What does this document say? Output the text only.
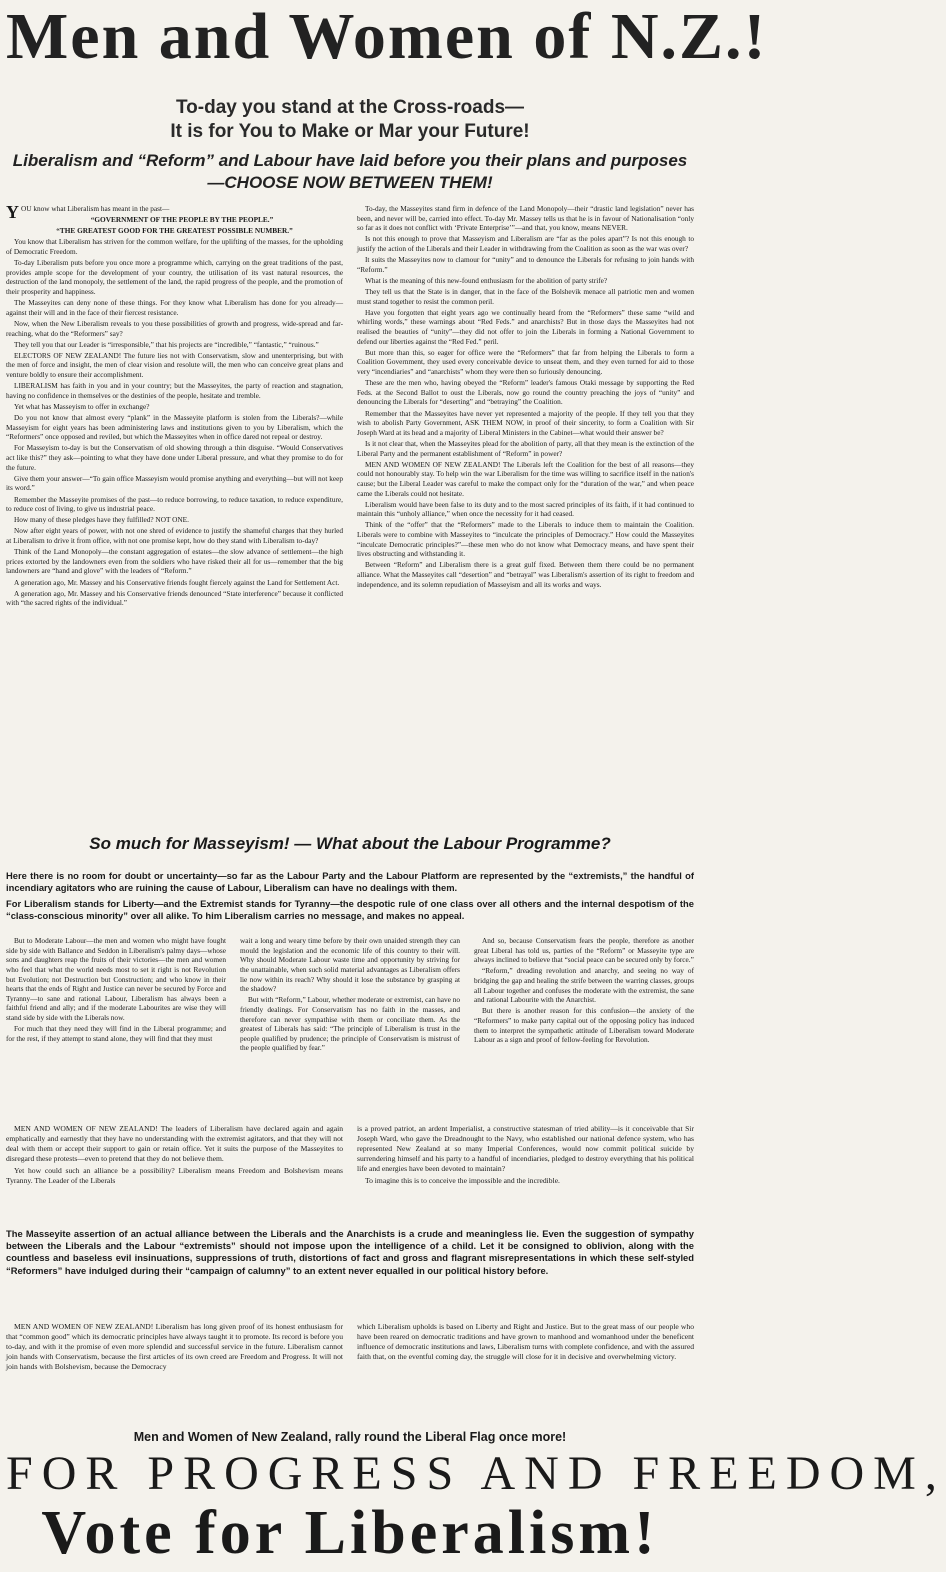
Men and Women of N.Z.!
To-day you stand at the Cross-roads—
It is for You to Make or Mar your Future!
Liberalism and “Reform” and Labour have laid before you their plans and purposes
—CHOOSE NOW BETWEEN THEM!

YOU know what Liberalism has meant in the past—

“GOVERNMENT OF THE PEOPLE BY THE PEOPLE.”

“THE GREATEST GOOD FOR THE GREATEST POSSIBLE NUMBER.”

You know that Liberalism has striven for the common welfare, for the uplifting of the masses, for the upholding of Democratic Freedom.

To-day Liberalism puts before you once more a programme which, carrying on the great traditions of the past, provides ample scope for the development of your country, the utilisation of its vast natural resources, the destruction of the land monopoly, the settlement of the land, the rapid progress of the people, and the promotion of their prosperity and happiness.

The Masseyites can deny none of these things. For they know what Liberalism has done for you already—against their will and in the face of their fiercest resistance.

Now, when the New Liberalism reveals to you these possibilities of growth and progress, wide-spread and far-reaching, what do the “Reformers” say?

They tell you that our Leader is “irresponsible,” that his projects are “incredible,” “fantastic,” “ruinous.”

ELECTORS OF NEW ZEALAND! The future lies not with Conservatism, slow and unenterprising, but with the men of force and insight, the men of clear vision and resolute will, the men who can conceive great plans and venture boldly to ensure their accomplishment.

LIBERALISM has faith in you and in your country; but the Masseyites, the party of reaction and stagnation, having no confidence in themselves or the destinies of the people, hesitate and tremble.

Yet what has Masseyism to offer in exchange?

Do you not know that almost every “plank” in the Masseyite platform is stolen from the Liberals?—while Masseyism for eight years has been administering laws and institutions given to you by Liberalism, which the “Reformers” once opposed and reviled, but which the Masseyites when in office dared not repeal or destroy.

For Masseyism to-day is but the Conservatism of old showing through a thin disguise. “Would Conservatives act like this?” they ask—pointing to what they have done under Liberal pressure, and what they promise to do for the future.

Give them your answer—“To gain office Masseyism would promise anything and everything—but will not keep its word.”

Remember the Masseyite promises of the past—to reduce borrowing, to reduce taxation, to reduce expenditure, to reduce cost of living, to give us industrial peace.

How many of these pledges have they fulfilled? NOT ONE.

Now after eight years of power, with not one shred of evidence to justify the shameful charges that they hurled at Liberalism to drive it from office, with not one promise kept, how do they stand with Liberalism to-day?

Think of the Land Monopoly—the constant aggregation of estates—the slow advance of settlement—the high prices extorted by the landowners even from the soldiers who have risked their all for us—remember that the big landowners are “hand and glove” with the leaders of “Reform.”

A generation ago, Mr. Massey and his Conservative friends fought fiercely against the Land for Settlement Act.

A generation ago, Mr. Massey and his Conservative friends denounced “State interference” because it conflicted with “the sacred rights of the individual.”

To-day, the Masseyites stand firm in defence of the Land Monopoly—their “drastic land legislation” never has been, and never will be, carried into effect. To-day Mr. Massey tells us that he is in favour of Nationalisation “only so far as it does not conflict with ‘Private Enterprise’”—and that, you know, means NEVER.

Is not this enough to prove that Masseyism and Liberalism are “far as the poles apart”? Is not this enough to justify the action of the Liberals and their Leader in withdrawing from the Coalition as soon as the war was over?

It suits the Masseyites now to clamour for “unity” and to denounce the Liberals for refusing to join hands with “Reform.”

What is the meaning of this new-found enthusiasm for the abolition of party strife?

They tell us that the State is in danger, that in the face of the Bolshevik menace all patriotic men and women must stand together to resist the common peril.

Have you forgotten that eight years ago we continually heard from the “Reformers” these same “wild and whirling words,” these warnings about “Red Feds.” and anarchists? But in those days the Masseyites had not realised the beauties of “unity”—they did not offer to join the Liberals in forming a National Government to defend our liberties against the “Red Fed.” peril.

But more than this, so eager for office were the “Reformers” that far from helping the Liberals to form a Coalition Government, they used every conceivable device to unseat them, and they even turned for aid to those very “incendiaries” and “anarchists” whom they were then so furiously denouncing.

These are the men who, having obeyed the “Reform” leader's famous Otaki message by supporting the Red Feds. at the Second Ballot to oust the Liberals, now go round the country preaching the joys of “unity” and denouncing the Liberals for “deserting” and “betraying” the Coalition.

Remember that the Masseyites have never yet represented a majority of the people. If they tell you that they wish to abolish Party Government, ASK THEM NOW, in proof of their sincerity, to form a Coalition with Sir Joseph Ward at its head and a majority of Liberal Ministers in the Cabinet—what would their answer be?

Is it not clear that, when the Masseyites plead for the abolition of party, all that they mean is the extinction of the Liberal Party and the permanent establishment of “Reform” in power?

MEN AND WOMEN OF NEW ZEALAND! The Liberals left the Coalition for the best of all reasons—they could not honourably stay. To help win the war Liberalism for the time was willing to sacrifice itself in the nation's cause; but the Liberal Leader was careful to make the compact only for the “duration of the war,” and when peace came the Liberals could not hesitate.

Liberalism would have been false to its duty and to the most sacred principles of its faith, if it had continued to maintain this “unholy alliance,” when once the necessity for it had ceased.

Think of the “offer” that the “Reformers” made to the Liberals to induce them to maintain the Coalition. Liberals were to combine with Masseyites to “inculcate the principles of Democracy.” How could the Masseyites “inculcate Democratic principles?”—these men who do not know what Democracy means, and have spent their lives obstructing and withstanding it.

Between “Reform” and Liberalism there is a great gulf fixed. Between them there could be no permanent alliance. What the Masseyites call “desertion” and “betrayal” was Liberalism's assertion of its right to freedom and independence, and its solemn repudiation of Masseyism and all its works and ways.

So much for Masseyism! — What about the Labour Programme?
Here there is no room for doubt or uncertainty—so far as the Labour Party and the Labour Platform are represented by the “extremists,” the handful of incendiary agitators who are ruining the cause of Labour, Liberalism can have no dealings with them.
For Liberalism stands for Liberty—and the Extremist stands for Tyranny—the despotic rule of one class over all others and the internal despotism of the “class-conscious minority” over all alike. To him Liberalism carries no message, and makes no appeal.

But to Moderate Labour—the men and women who might have fought side by side with Ballance and Seddon in Liberalism's palmy days—whose sons and daughters reap the fruits of their victories—the men and women who feel that what the world needs most to set it right is not Revolution but Evolution; not Destruction but Construction; and who know in their hearts that the ends of Right and Justice can never be secured by Force and Tyranny—to sane and rational Labour, Liberalism has always been a faithful friend and ally; and if the moderate Labourites are wise they will stand side by side with the Liberals now.

For much that they need they will find in the Liberal programme; and for the rest, if they attempt to stand alone, they will find that they must

wait a long and weary time before by their own unaided strength they can mould the legislation and the economic life of this country to their will. Why should Moderate Labour waste time and opportunity by striving for the unattainable, when such solid material advantages as Liberalism offers lie now within its reach? Why should it lose the substance by grasping at the shadow?

But with “Reform,” Labour, whether moderate or extremist, can have no friendly dealings. For Conservatism has no faith in the masses, and therefore can never sympathise with them or conciliate them. As the greatest of Liberals has said: “The principle of Liberalism is trust in the people qualified by prudence; the principle of Conservatism is mistrust of the people qualified by fear.”

And so, because Conservatism fears the people, therefore as another great Liberal has told us, parties of the “Reform” or Masseyite type are always inclined to believe that “social peace can be secured only by force.”

“Reform,” dreading revolution and anarchy, and seeing no way of bridging the gap and healing the strife between the warring classes, groups all Labour together and confuses the moderate with the extremist, the sane and rational Labourite with the Anarchist.

But there is another reason for this confusion—the anxiety of the “Reformers” to make party capital out of the opposing policy has induced them to interpret the sympathetic attitude of Liberalism toward Moderate Labour as a sign and proof of fellow-feeling for Revolution.

MEN AND WOMEN OF NEW ZEALAND! The leaders of Liberalism have declared again and again emphatically and earnestly that they have no understanding with the extremist agitators, and that they will not deal with them or accept their support to gain or retain office. Yet it suits the purpose of the Masseyites to disregard these protests—even to pretend that they do not believe them.

Yet how could such an alliance be a possibility? Liberalism means Freedom and Bolshevism means Tyranny. The Leader of the Liberals

is a proved patriot, an ardent Imperialist, a constructive statesman of tried ability—is it conceivable that Sir Joseph Ward, who gave the Dreadnought to the Navy, who established our national defence system, who has represented New Zealand at so many Imperial Conferences, would now commit political suicide by surrendering himself and his party to a handful of incendiaries, pledged to destroy everything that his political life and energies have been devoted to maintain?

To imagine this is to conceive the impossible and the incredible.

The Masseyite assertion of an actual alliance between the Liberals and the Anarchists is a crude and meaningless lie. Even the suggestion of sympathy between the Liberals and the Labour “extremists” should not impose upon the intelligence of a child. Let it be consigned to oblivion, along with the countless and baseless evil insinuations, suppressions of truth, distortions of fact and gross and flagrant misrepresentations in which these self-styled “Reformers” have indulged during their “campaign of calumny” to an extent never equalled in our political history before.

MEN AND WOMEN OF NEW ZEALAND! Liberalism has long given proof of its honest enthusiasm for that “common good” which its democratic principles have always taught it to promote. Its record is before you to-day, and with it the promise of even more splendid and successful service in the future. Liberalism cannot join hands with Conservatism, because the first articles of its own creed are Freedom and Progress. It will not join hands with Bolshevism, because the Democracy

which Liberalism upholds is based on Liberty and Right and Justice. But to the great mass of our people who have been reared on democratic traditions and have grown to manhood and womanhood under the beneficent influence of democratic institutions and laws, Liberalism turns with complete confidence, and with the assured faith that, on the eventful coming day, the struggle will close for it in decisive and overwhelming victory.

Men and Women of New Zealand, rally round the Liberal Flag once more!
FOR PROGRESS AND FREEDOM,
Vote for Liberalism!
